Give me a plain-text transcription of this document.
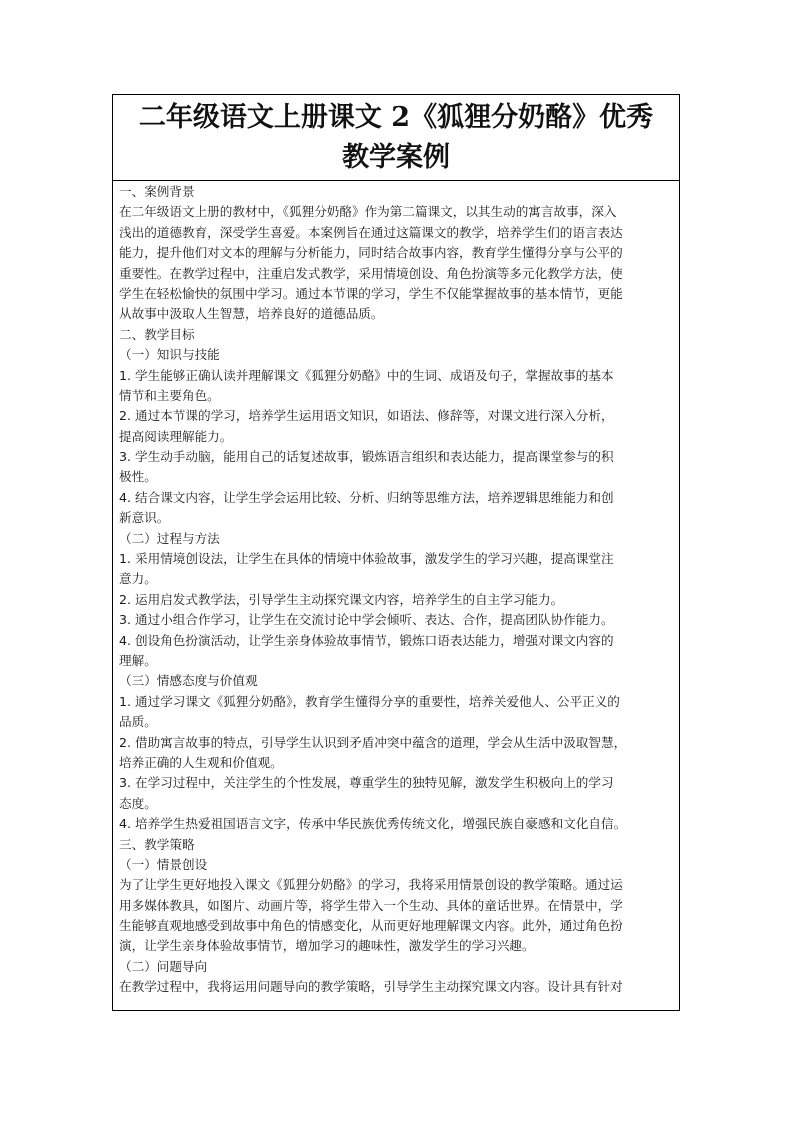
二年级语文上册课文 2《狐狸分奶酪》优秀
教学案例
一、案例背景
在二年级语文上册的教材中，《狐狸分奶酪》作为第二篇课文，以其生动的寓言故事，深入
浅出的道德教育，深受学生喜爱。本案例旨在通过这篇课文的教学，培养学生们的语言表达
能力，提升他们对文本的理解与分析能力，同时结合故事内容，教育学生懂得分享与公平的
重要性。在教学过程中，注重启发式教学，采用情境创设、角色扮演等多元化教学方法，使
学生在轻松愉快的氛围中学习。通过本节课的学习，学生不仅能掌握故事的基本情节，更能
从故事中汲取人生智慧，培养良好的道德品质。
二、教学目标
（一）知识与技能
1. 学生能够正确认读并理解课文《狐狸分奶酪》中的生词、成语及句子，掌握故事的基本
情节和主要角色。
2. 通过本节课的学习，培养学生运用语文知识，如语法、修辞等，对课文进行深入分析，
提高阅读理解能力。
3. 学生动手动脑，能用自己的话复述故事，锻炼语言组织和表达能力，提高课堂参与的积
极性。
4. 结合课文内容，让学生学会运用比较、分析、归纳等思维方法，培养逻辑思维能力和创
新意识。
（二）过程与方法
1. 采用情境创设法，让学生在具体的情境中体验故事，激发学生的学习兴趣，提高课堂注
意力。
2. 运用启发式教学法，引导学生主动探究课文内容，培养学生的自主学习能力。
3. 通过小组合作学习，让学生在交流讨论中学会倾听、表达、合作，提高团队协作能力。
4. 创设角色扮演活动，让学生亲身体验故事情节，锻炼口语表达能力，增强对课文内容的
理解。
（三）情感态度与价值观
1. 通过学习课文《狐狸分奶酪》，教育学生懂得分享的重要性，培养关爱他人、公平正义的
品质。
2. 借助寓言故事的特点，引导学生认识到矛盾冲突中蕴含的道理，学会从生活中汲取智慧，
培养正确的人生观和价值观。
3. 在学习过程中，关注学生的个性发展，尊重学生的独特见解，激发学生积极向上的学习
态度。
4. 培养学生热爱祖国语言文字，传承中华民族优秀传统文化，增强民族自豪感和文化自信。
三、教学策略
（一）情景创设
为了让学生更好地投入课文《狐狸分奶酪》的学习，我将采用情景创设的教学策略。通过运
用多媒体教具，如图片、动画片等，将学生带入一个生动、具体的童话世界。在情景中，学
生能够直观地感受到故事中角色的情感变化，从而更好地理解课文内容。此外，通过角色扮
演，让学生亲身体验故事情节，增加学习的趣味性，激发学生的学习兴趣。
（二）问题导向
在教学过程中，我将运用问题导向的教学策略，引导学生主动探究课文内容。设计具有针对
